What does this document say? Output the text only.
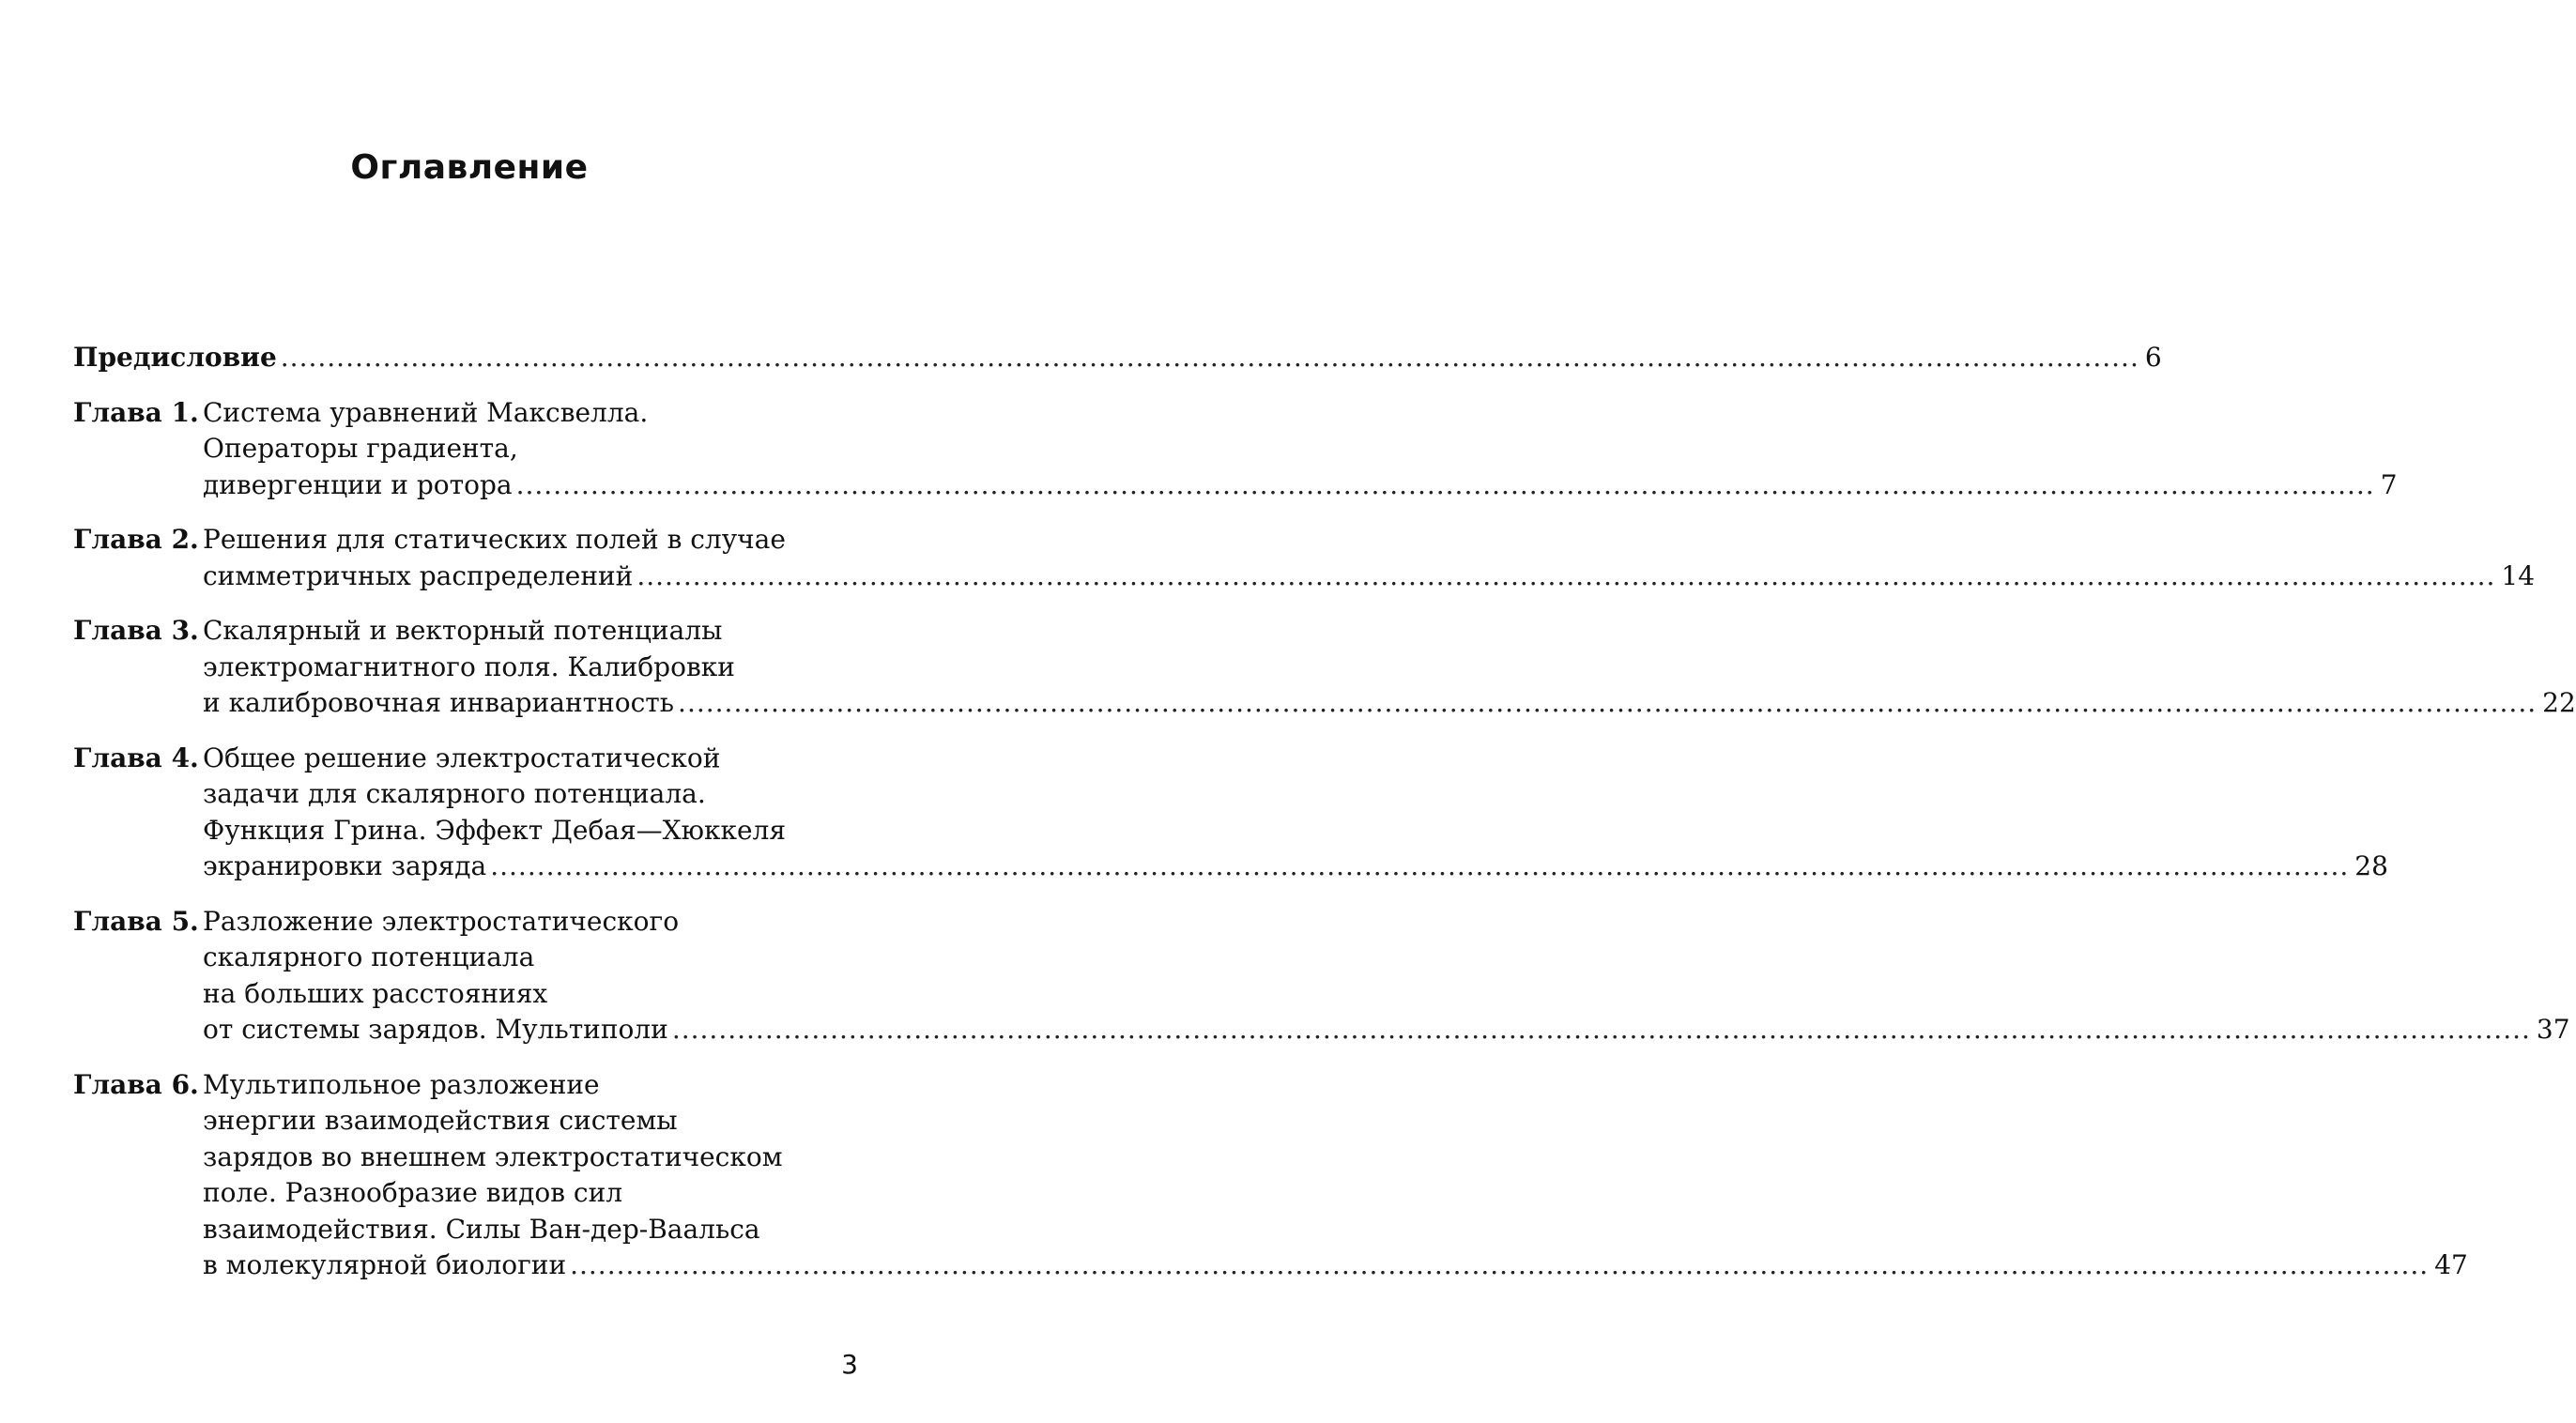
Оглавление
Предисловие ........................................................................................................................................................................................................ 6
Глава 1. Система уравнений Максвелла.
Операторы градиента,
дивергенции и ротора ........................................................................................................................................................................................................ 7
Глава 2. Решения для статических полей в случае
симметричных распределений ........................................................................................................................................................................................................ 14
Глава 3. Скалярный и векторный потенциалы
электромагнитного поля. Калибровки
и калибровочная инвариантность ........................................................................................................................................................................................................ 22
Глава 4. Общее решение электростатической
задачи для скалярного потенциала.
Функция Грина. Эффект Дебая—Хюккеля
экранировки заряда ........................................................................................................................................................................................................ 28
Глава 5. Разложение электростатического
скалярного потенциала
на больших расстояниях
от системы зарядов. Мультиполи ........................................................................................................................................................................................................ 37
Глава 6. Мультипольное разложение
энергии взаимодействия системы
зарядов во внешнем электростатическом
поле. Разнообразие видов сил
взаимодействия. Силы Ван-дер-Ваальса
в молекулярной биологии ........................................................................................................................................................................................................ 47
3
